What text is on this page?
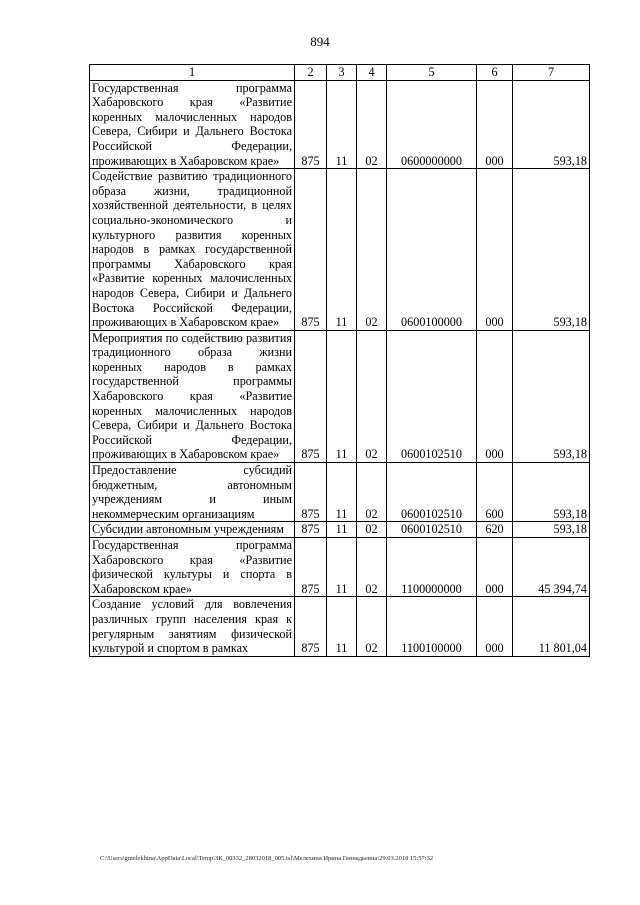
894
1	2	3	4	5	6	7
Государственная программа Хабаровского края «Развитие коренных малочисленных народов Севера, Сибири и Дальнего Востока Российской Федерации, проживающих в Хабаровском крае»	875	11	02	0600000000	000	593,18
Содействие развитию традиционного образа жизни, традиционной хозяйственной деятельности, в целях социально-экономического и культурного развития коренных народов в рамках государственной программы Хабаровского края «Развитие коренных малочисленных народов Севера, Сибири и Дальнего Востока Российской Федерации, проживающих в Хабаровском крае»	875	11	02	0600100000	000	593,18
Мероприятия по содействию развития традиционного образа жизни коренных народов в рамках государственной программы Хабаровского края «Развитие коренных малочисленных народов Севера, Сибири и Дальнего Востока Российской Федерации, проживающих в Хабаровском крае»	875	11	02	0600102510	000	593,18
Предоставление субсидий бюджетным, автономным учреждениям и иным некоммерческим организациям	875	11	02	0600102510	600	593,18
Субсидии автономным учреждениям	875	11	02	0600102510	620	593,18
Государственная программа Хабаровского края «Развитие физической культуры и спорта в Хабаровском крае»	875	11	02	1100000000	000	45 394,74
Создание условий для вовлечения различных групп населения края к регулярным занятиям физической культурой и спортом в рамках	875	11	02	1100100000	000	11 801,04
C:\Users\gmelekhina\AppData\Local\Temp\ЗК_00332_28032018_005.tsl\Мелехина Ирина Геннадьевна\29.03.2018 15:57:32
